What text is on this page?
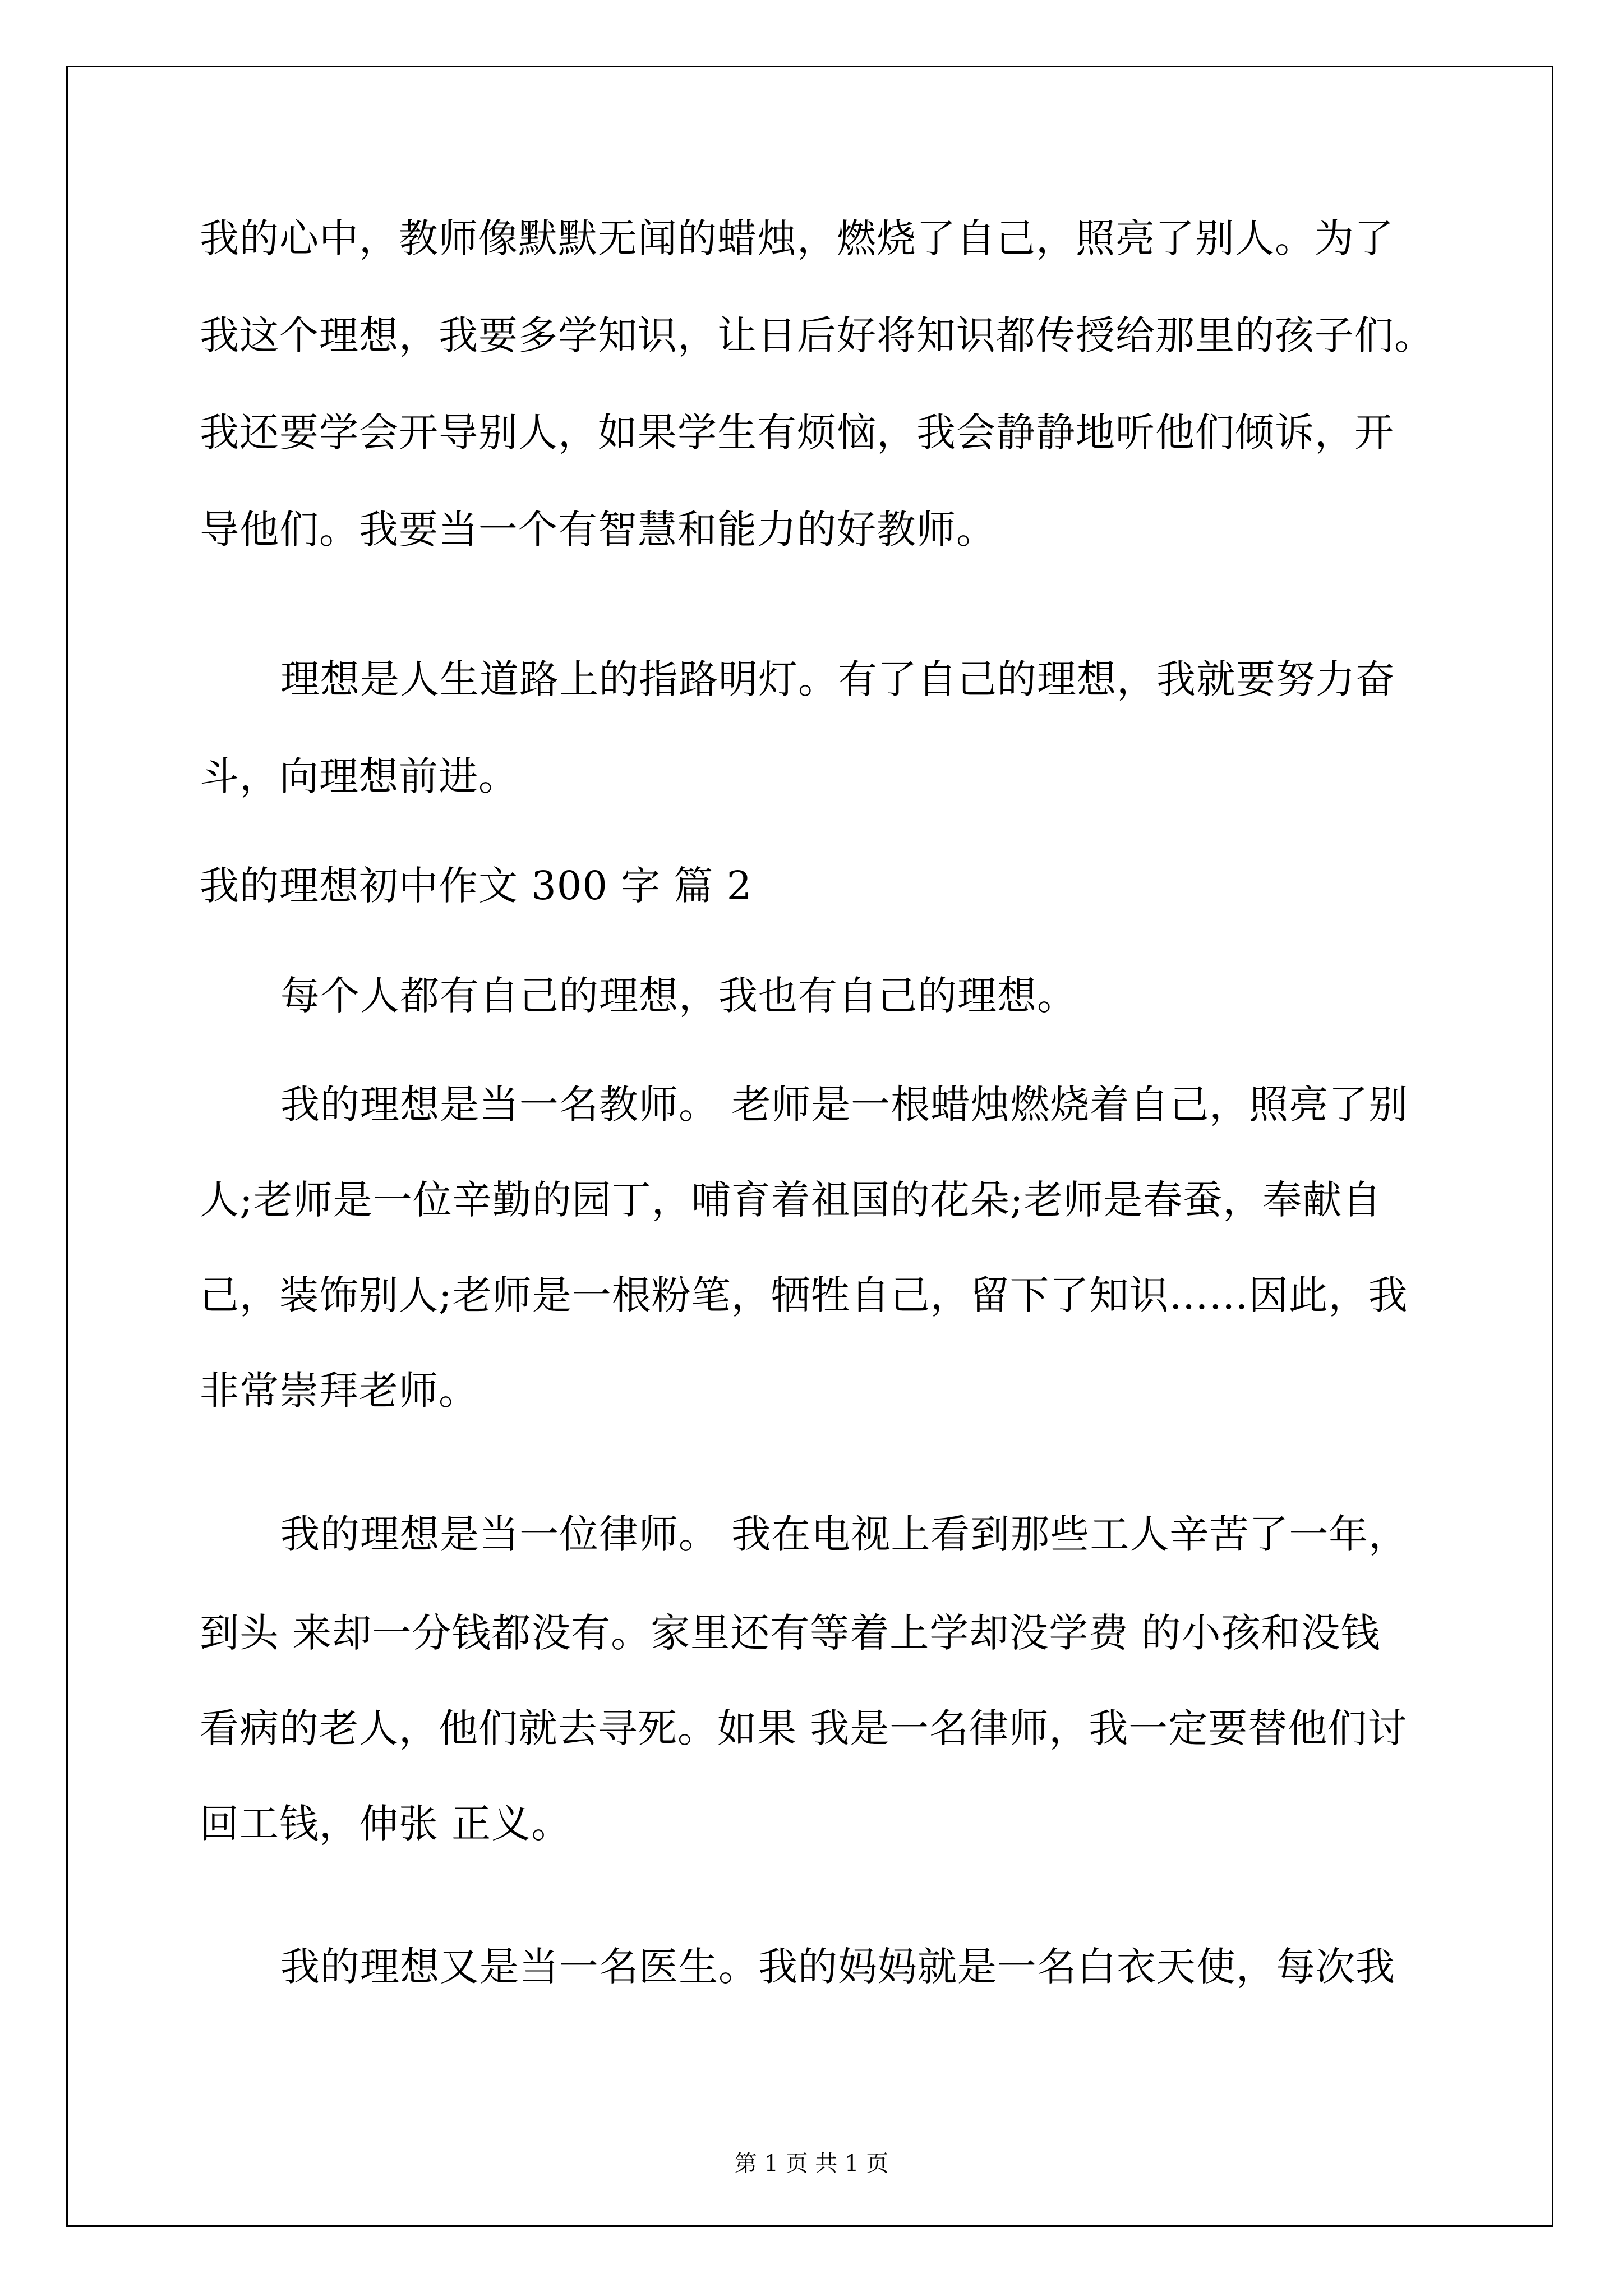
我的心中，教师像默默无闻的蜡烛，燃烧了自己，照亮了别人。为了

我这个理想，我要多学知识，让日后好将知识都传授给那里的孩子们。

我还要学会开导别人，如果学生有烦恼，我会静静地听他们倾诉，开

导他们。我要当一个有智慧和能力的好教师。

理想是人生道路上的指路明灯。有了自己的理想，我就要努力奋

斗，向理想前进。

我的理想初中作文 300 字 篇 2

每个人都有自己的理想，我也有自己的理想。

我的理想是当一名教师。 老师是一根蜡烛燃烧着自己，照亮了别

人;老师是一位辛勤的园丁，哺育着祖国的花朵;老师是春蚕，奉献自

己，装饰别人;老师是一根粉笔，牺牲自己，留下了知识……因此，我

非常崇拜老师。

我的理想是当一位律师。 我在电视上看到那些工人辛苦了一年，

到头 来却一分钱都没有。家里还有等着上学却没学费 的小孩和没钱

看病的老人，他们就去寻死。如果 我是一名律师，我一定要替他们讨

回工钱，伸张 正义。

我的理想又是当一名医生。我的妈妈就是一名白衣天使，每次我

第 1 页 共 1 页
